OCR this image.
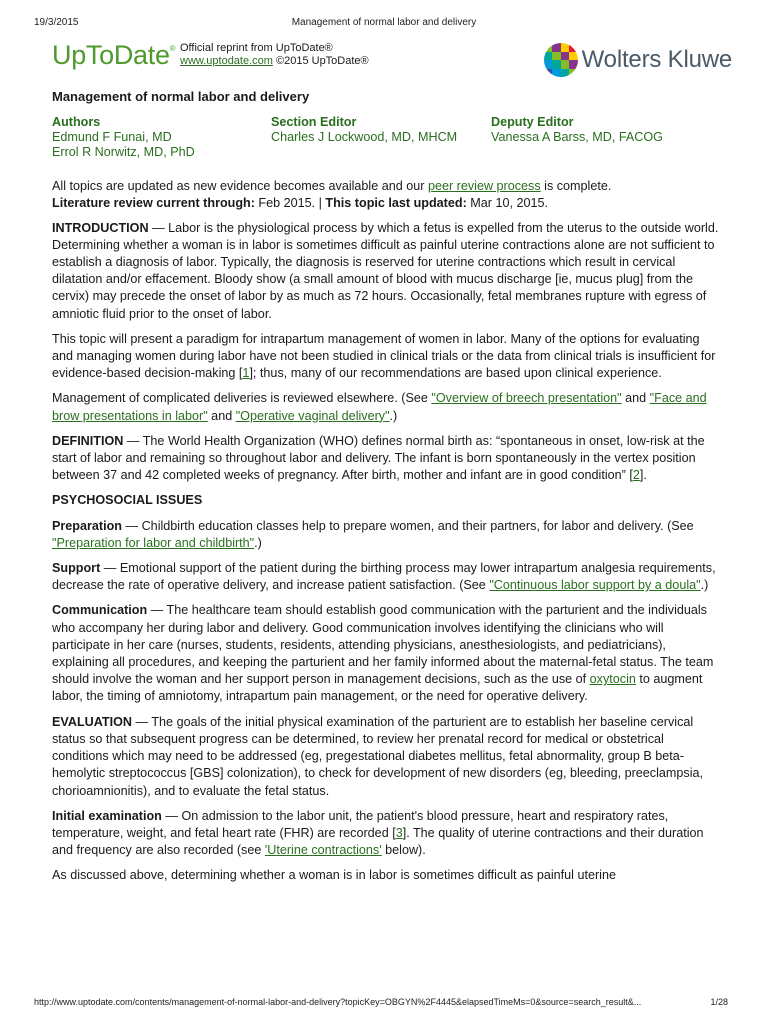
19/3/2015	Management of normal labor and delivery
UpToDate® Official reprint from UpToDate®
www.uptodate.com ©2015 UpToDate®	Wolters Kluwe
Management of normal labor and delivery
Authors
Edmund F Funai, MD
Errol R Norwitz, MD, PhD
Section Editor
Charles J Lockwood, MD, MHCM
Deputy Editor
Vanessa A Barss, MD, FACOG
All topics are updated as new evidence becomes available and our peer review process is complete.
Literature review current through: Feb 2015. | This topic last updated: Mar 10, 2015.

INTRODUCTION — Labor is the physiological process by which a fetus is expelled from the uterus to the outside world. Determining whether a woman is in labor is sometimes difficult as painful uterine contractions alone are not sufficient to establish a diagnosis of labor. Typically, the diagnosis is reserved for uterine contractions which result in cervical dilatation and/or effacement. Bloody show (a small amount of blood with mucus discharge [ie, mucus plug] from the cervix) may precede the onset of labor by as much as 72 hours. Occasionally, fetal membranes rupture with egress of amniotic fluid prior to the onset of labor.

This topic will present a paradigm for intrapartum management of women in labor. Many of the options for evaluating and managing women during labor have not been studied in clinical trials or the data from clinical trials is insufficient for evidence-based decision-making [1]; thus, many of our recommendations are based upon clinical experience.

Management of complicated deliveries is reviewed elsewhere. (See "Overview of breech presentation" and "Face and brow presentations in labor" and "Operative vaginal delivery".)

DEFINITION — The World Health Organization (WHO) defines normal birth as: “spontaneous in onset, low-risk at the start of labor and remaining so throughout labor and delivery. The infant is born spontaneously in the vertex position between 37 and 42 completed weeks of pregnancy. After birth, mother and infant are in good condition” [2].

PSYCHOSOCIAL ISSUES

Preparation — Childbirth education classes help to prepare women, and their partners, for labor and delivery. (See "Preparation for labor and childbirth".)

Support — Emotional support of the patient during the birthing process may lower intrapartum analgesia requirements, decrease the rate of operative delivery, and increase patient satisfaction. (See "Continuous labor support by a doula".)

Communication — The healthcare team should establish good communication with the parturient and the individuals who accompany her during labor and delivery. Good communication involves identifying the clinicians who will participate in her care (nurses, students, residents, attending physicians, anesthesiologists, and pediatricians), explaining all procedures, and keeping the parturient and her family informed about the maternal-fetal status. The team should involve the woman and her support person in management decisions, such as the use of oxytocin to augment labor, the timing of amniotomy, intrapartum pain management, or the need for operative delivery.

EVALUATION — The goals of the initial physical examination of the parturient are to establish her baseline cervical status so that subsequent progress can be determined, to review her prenatal record for medical or obstetrical conditions which may need to be addressed (eg, pregestational diabetes mellitus, fetal abnormality, group B beta-hemolytic streptococcus [GBS] colonization), to check for development of new disorders (eg, bleeding, preeclampsia, chorioamnionitis), and to evaluate the fetal status.

Initial examination — On admission to the labor unit, the patient's blood pressure, heart and respiratory rates, temperature, weight, and fetal heart rate (FHR) are recorded [3]. The quality of uterine contractions and their duration and frequency are also recorded (see 'Uterine contractions' below).

As discussed above, determining whether a woman is in labor is sometimes difficult as painful uterine

http://www.uptodate.com/contents/management-of-normal-labor-and-delivery?topicKey=OBGYN%2F4445&elapsedTimeMs=0&source=search_result&...	1/28
